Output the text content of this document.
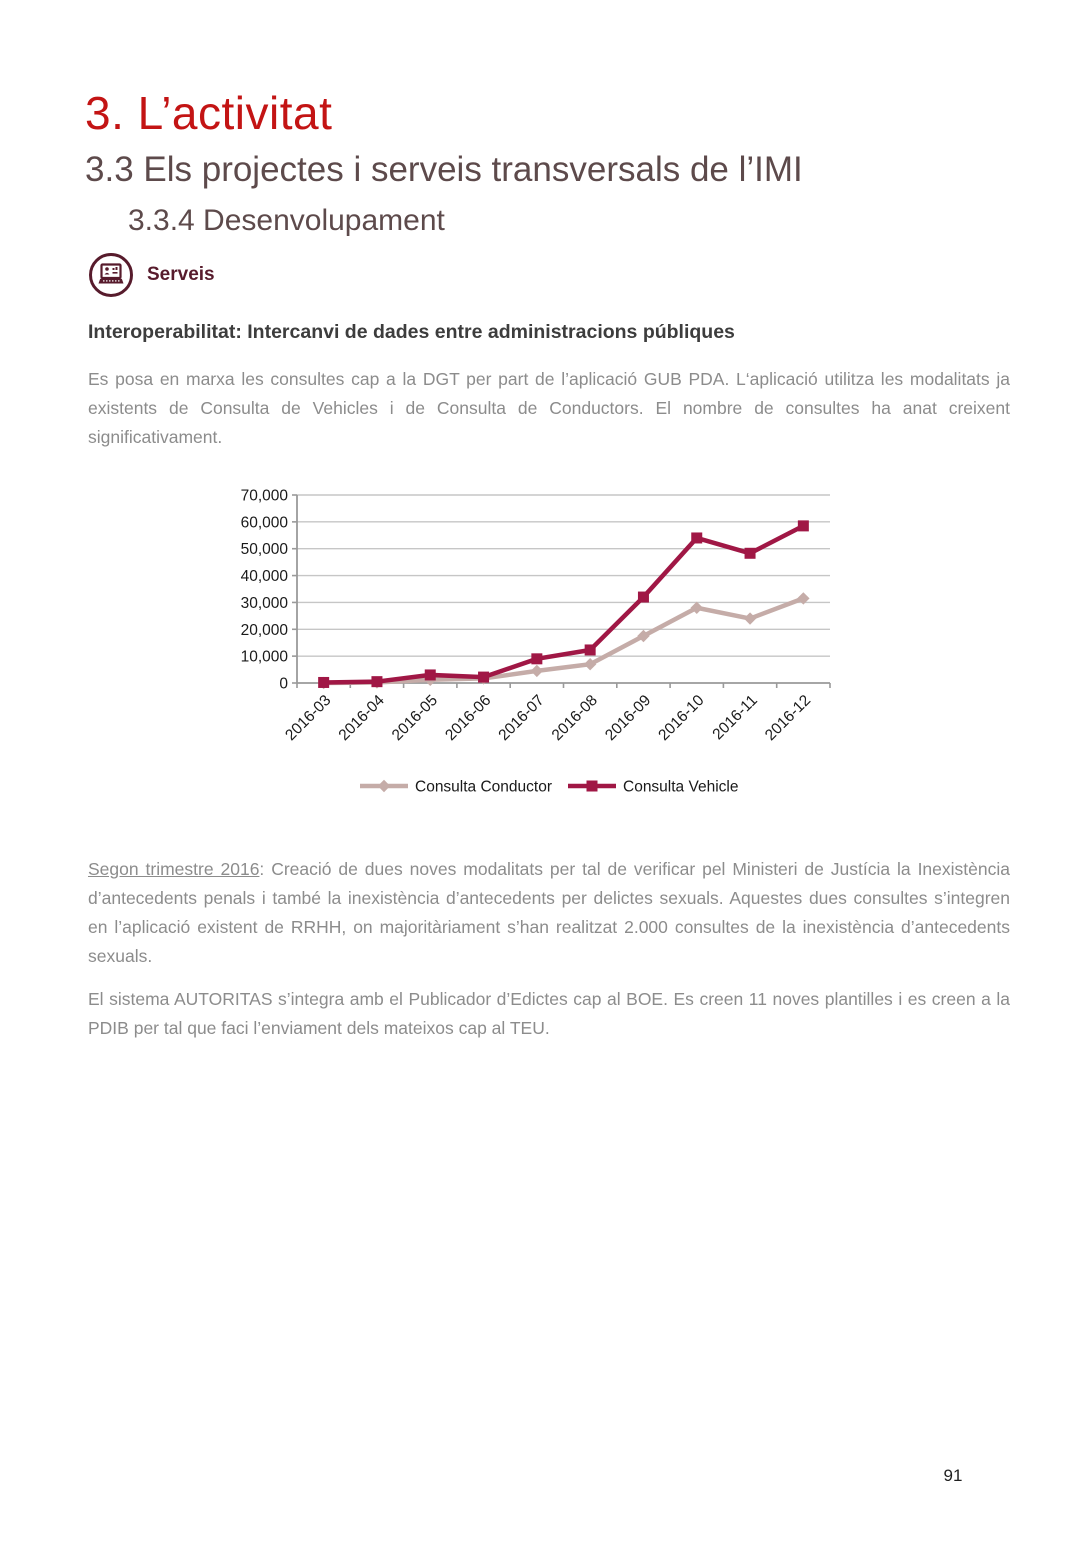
3. L’activitat
3.3 Els projectes i serveis transversals de l’IMI
3.3.4 Desenvolupament
Serveis

Interoperabilitat: Intercanvi de dades entre administracions públiques

Es posa en marxa les consultes cap a la DGT per part de l’aplicació GUB PDA. L‘aplicació utilitza les modalitats ja existents de Consulta de Vehicles i de Consulta de Conductors. El nombre de consultes ha anat creixent significativament.

0
10,000
20,000
30,000
40,000
50,000
60,000
70,000
2016-03 2016-04 2016-05 2016-06 2016-07 2016-08 2016-09 2016-10 2016-11 2016-12
Consulta Conductor	Consulta Vehicle

Segon trimestre 2016: Creació de dues noves modalitats per tal de verificar pel Ministeri de Justícia la Inexistència d’antecedents penals i també la inexistència d’antecedents per delictes sexuals. Aquestes dues consultes s’integren en l’aplicació existent de RRHH, on majoritàriament s’han realitzat 2.000 consultes de la inexistència d’antecedents sexuals.

El sistema AUTORITAS s’integra amb el Publicador d’Edictes cap al BOE. Es creen 11 noves plantilles i es creen a la PDIB per tal que faci l’enviament dels mateixos cap al TEU.

91
